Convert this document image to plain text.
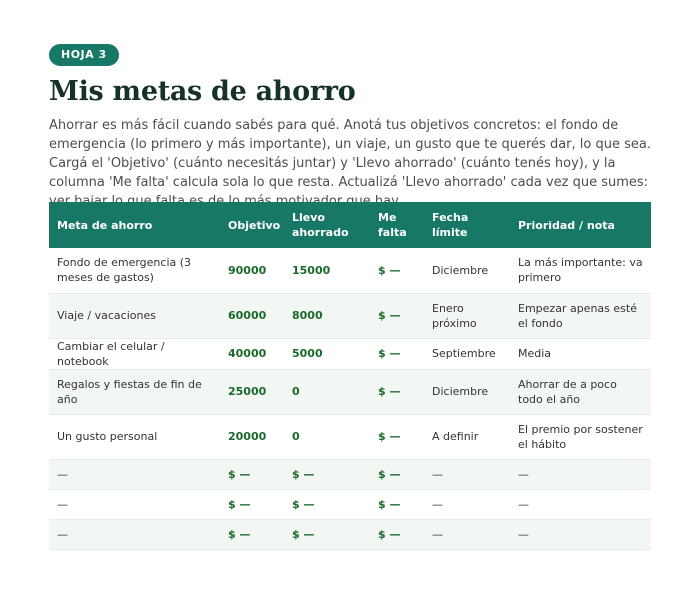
HOJA 3
Mis metas de ahorro

Ahorrar es más fácil cuando sabés para qué. Anotá tus objetivos concretos: el fondo de emergencia (lo primero y más importante), un viaje, un gusto que te querés dar, lo que sea. Cargá el 'Objetivo' (cuánto necesitás juntar) y 'Llevo ahorrado' (cuánto tenés hoy), y la columna 'Me falta' calcula sola lo que resta. Actualizá 'Llevo ahorrado' cada vez que sumes:

Meta de ahorro	Objetivo	Llevo ahorrado	Me falta	Fecha límite	Prioridad / nota
Fondo de emergencia (3 meses de gastos)	90000	15000	$ —	Diciembre	La más importante: va primero
Viaje / vacaciones	60000	8000	$ —	Enero próximo	Empezar apenas esté el fondo
Cambiar el celular / notebook	40000	5000	$ —	Septiembre	Media
Regalos y fiestas de fin de año	25000	0	$ —	Diciembre	Ahorrar de a poco todo el año
Un gusto personal	20000	0	$ —	A definir	El premio por sostener el hábito
—	$ —	$ —	$ —	—	—
—	$ —	$ —	$ —	—	—
—	$ —	$ —	$ —	—	—
